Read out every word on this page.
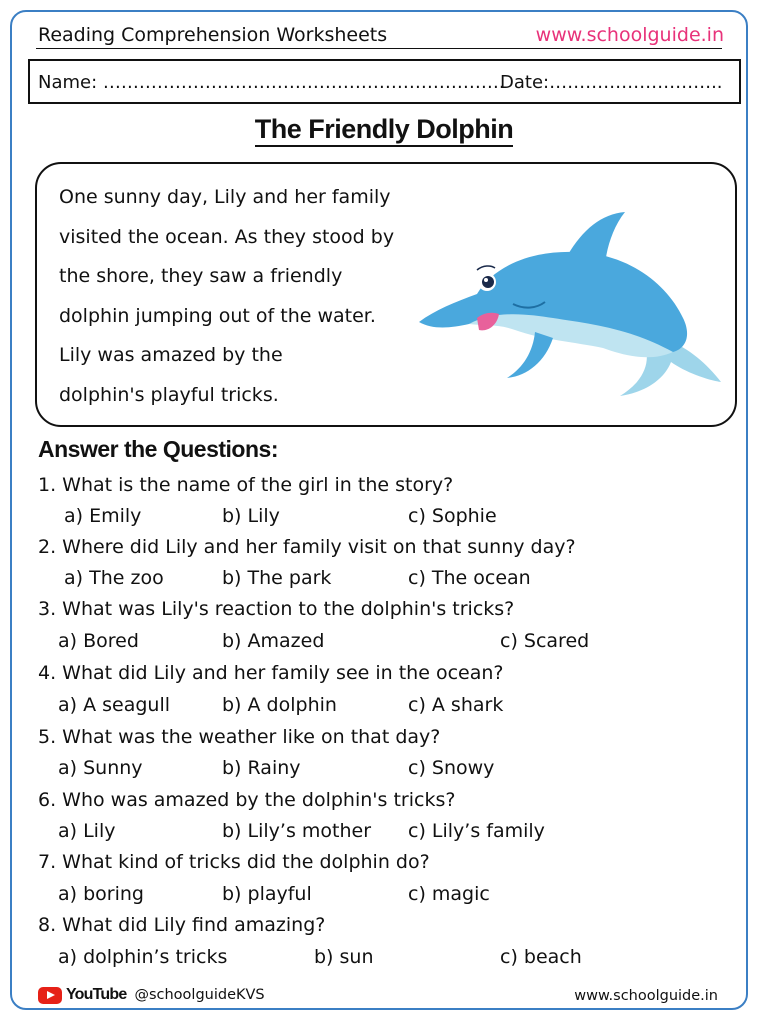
Reading Comprehension Worksheets	www.schoolguide.in
Name: ………………………………………………………….
Date:………………………..
The Friendly Dolphin
One sunny day, Lily and her family
visited the ocean. As they stood by
the shore, they saw a friendly
dolphin jumping out of the water.
Lily was amazed by the
dolphin's playful tricks.
Answer the Questions:
1. What is the name of the girl in the story?
a) Emily	b) Lily	c) Sophie
2. Where did Lily and her family visit on that sunny day?
a) The zoo	b) The park	c) The ocean
3. What was Lily's reaction to the dolphin's tricks?
a) Bored	b) Amazed	c) Scared
4. What did Lily and her family see in the ocean?
a) A seagull	b) A dolphin	c) A shark
5. What was the weather like on that day?
a) Sunny	b) Rainy	c) Snowy
6. Who was amazed by the dolphin's tricks?
a) Lily	b) Lily’s mother c) Lily’s family
7. What kind of tricks did the dolphin do?
a) boring	b) playful	c) magic
8. What did Lily find amazing?
a) dolphin’s tricks	b) sun	c) beach
YouTube @schoolguideKVS	www.schoolguide.in
